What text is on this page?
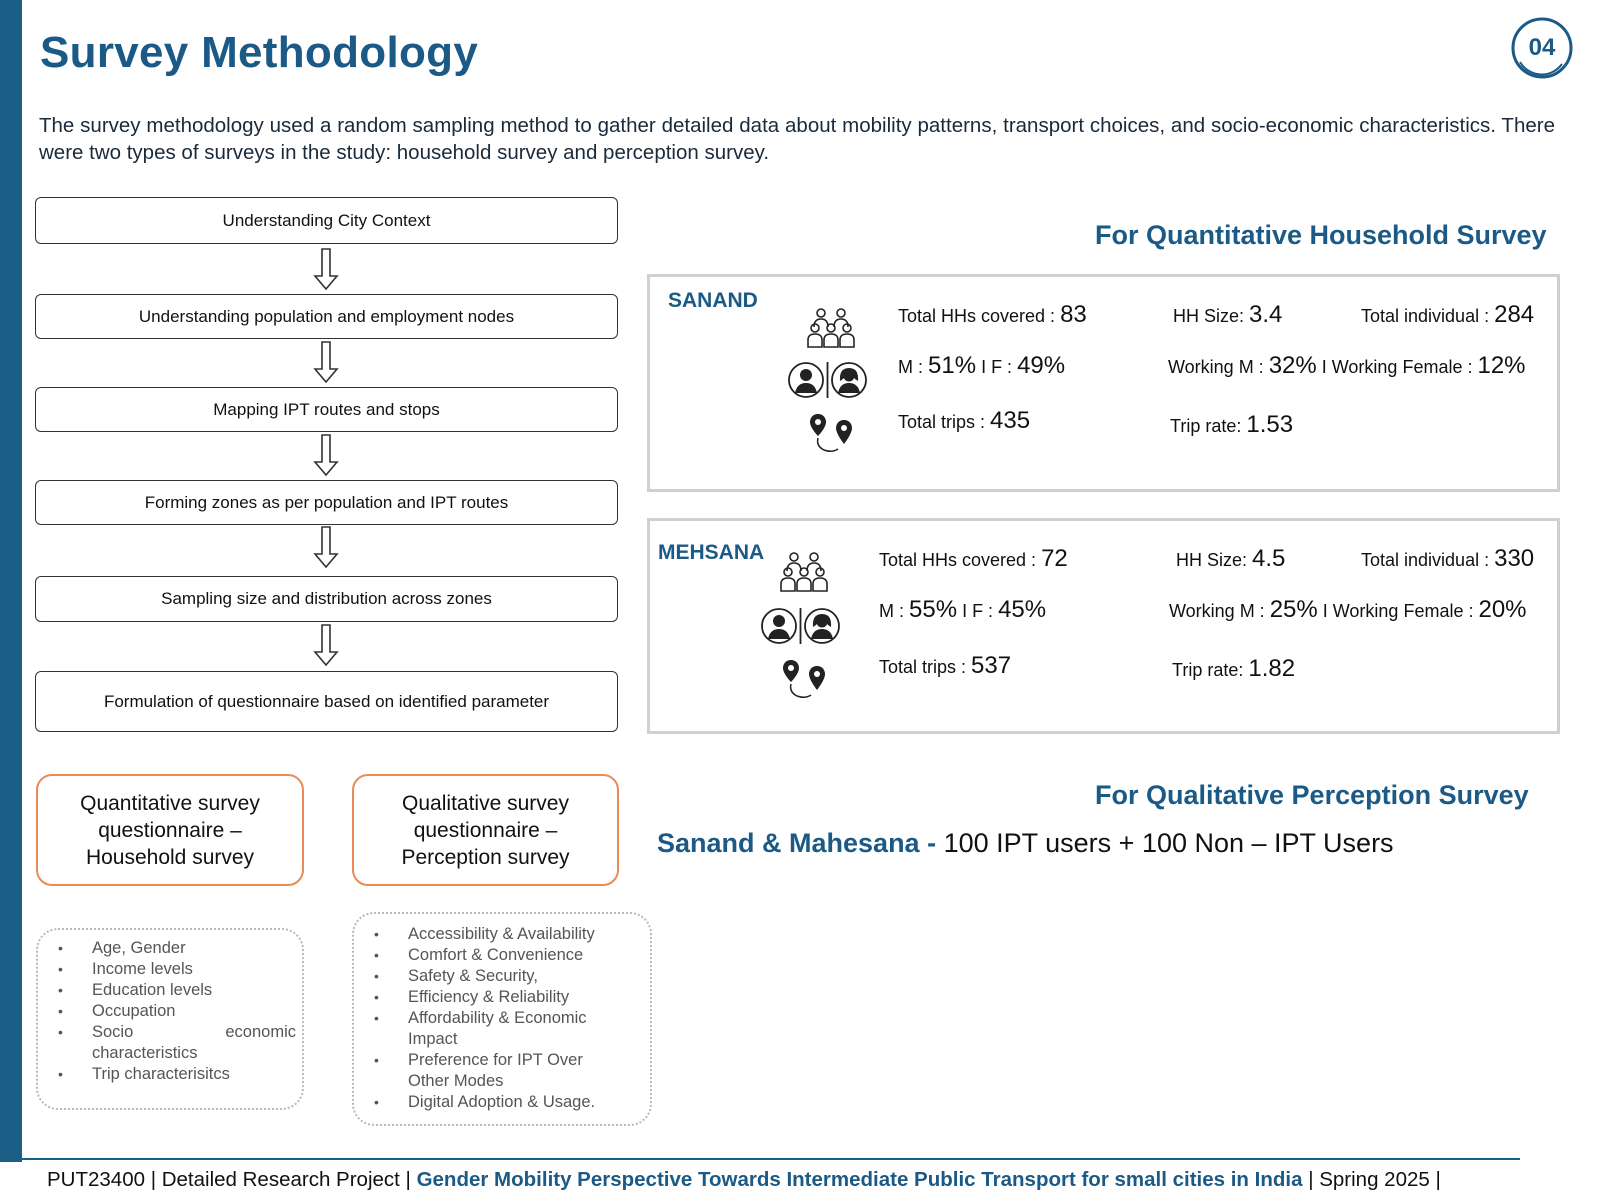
Survey Methodology	04

The survey methodology used a random sampling method to gather detailed data about mobility patterns, transport choices, and socio-economic characteristics. There were two types of surveys in the study: household survey and perception survey.

Understanding City Context
Understanding population and employment nodes
Mapping IPT routes and stops
Forming zones as per population and IPT routes
Sampling size and distribution across zones
Formulation of questionnaire based on identified parameter
Quantitative survey questionnaire – Household survey
Qualitative survey questionnaire – Perception survey
• Age, Gender
• Income levels
• Education levels
• Occupation
• Socio economic characteristics
• Trip characterisitcs
• Accessibility & Availability
• Comfort & Convenience
• Safety & Security,
• Efficiency & Reliability
• Affordability & Economic Impact
• Preference for IPT Over Other Modes
• Digital Adoption & Usage.
For Quantitative Household Survey
SANAND
Total HHs covered : 83	HH Size: 3.4	Total individual : 284
M : 51% I F : 49%	Working M : 32% I Working Female : 12%
Total trips : 435	Trip rate: 1.53
MEHSANA	Total HHs covered : 72	HH Size: 4.5	Total individual : 330
M : 55% I F : 45%	Working M : 25% I Working Female : 20%
Total trips : 537	Trip rate: 1.82
For Qualitative Perception Survey
Sanand & Mahesana - 100 IPT users + 100 Non – IPT Users
PUT23400 | Detailed Research Project | Gender Mobility Perspective Towards Intermediate Public Transport for small cities in India | Spring 2025 |
